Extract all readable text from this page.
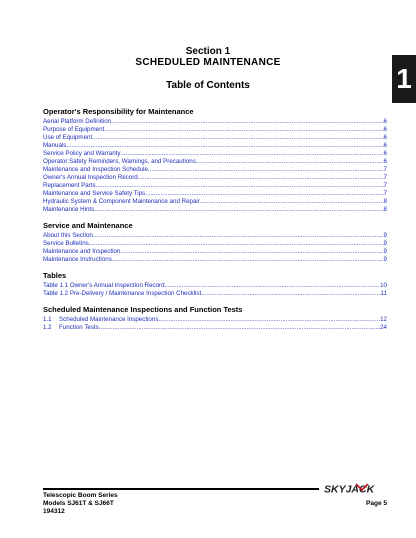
Section 1
SCHEDULED MAINTENANCE
Table of Contents	1
Operator's Responsibility for Maintenance
Aerial Platform Definition .....	6
Purpose of Equipment .....	6
Use of Equipment .....	6
Manuals .....	6
Service Policy and Warranty .....	6
Operator Safety Reminders, Warnings, and Precautions .....	6
Maintenance and Inspection Schedule .....	7
Owner's Annual Inspection Record .....	7
Replacement Parts .....	7
Maintenance and Service Safety Tips .....	7
Hydraulic System & Component Maintenance and Repair .....	8
Maintenance Hints .....	8
Service and Maintenance
About this Section .....	9
Service Bulletins .....	9
Maintenance and Inspection .....	9
Maintenance Instructions .....	9
Tables
Table 1.1 Owner's Annual Inspection Record .....	10
Table 1.2 Pre-Delivery / Maintenance Inspection Checklist .....	11
Scheduled Maintenance Inspections and Function Tests
1.1	Scheduled Maintenance Inspections .....	12
1.2	Function Tests .....	24
Telescopic Boom Series
Models SJ61T & SJ66T
194312
Page 5
SKYJACK
